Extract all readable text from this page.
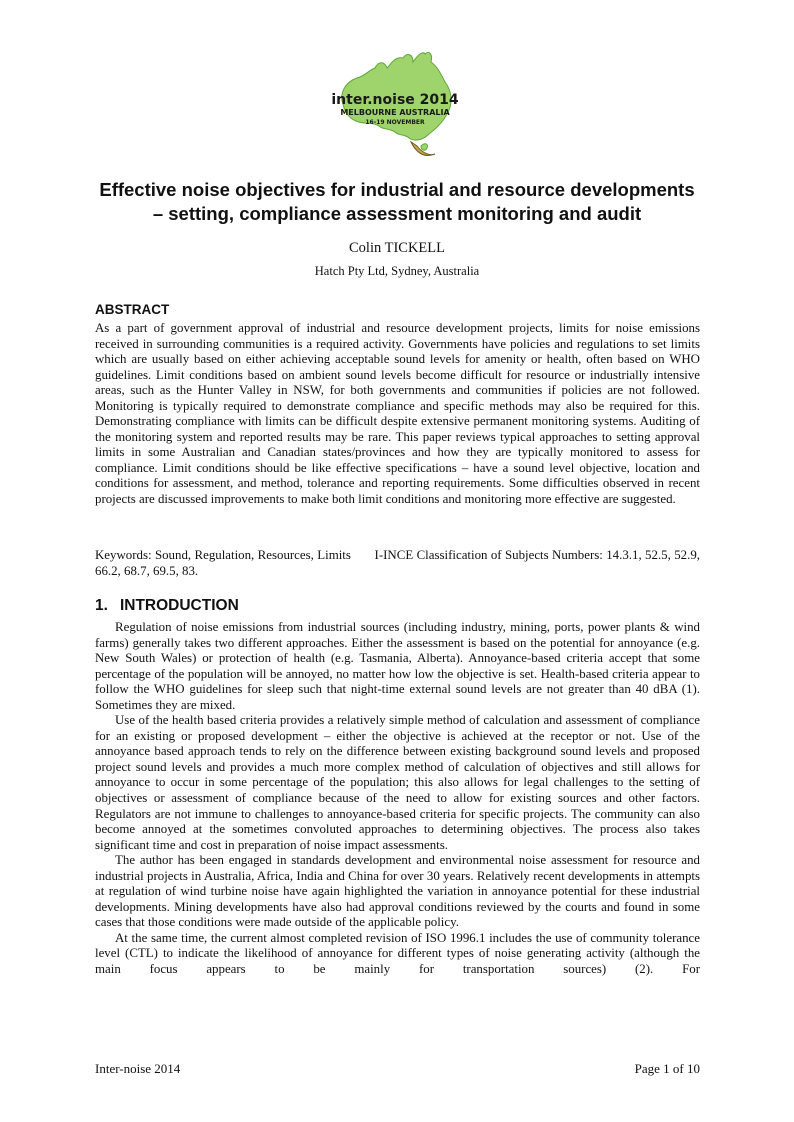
inter.noise 2014
MELBOURNE AUSTRALIA
16-19 NOVEMBER
Effective noise objectives for industrial and resource developments
– setting, compliance assessment monitoring and audit
Colin TICKELL
Hatch Pty Ltd, Sydney, Australia
ABSTRACT

As a part of government approval of industrial and resource development projects, limits for noise emissions received in surrounding communities is a required activity. Governments have policies and regulations to set limits which are usually based on either achieving acceptable sound levels for amenity or health, often based on WHO guidelines. Limit conditions based on ambient sound levels become difficult for resource or industrially intensive areas, such as the Hunter Valley in NSW, for both governments and communities if policies are not followed. Monitoring is typically required to demonstrate compliance and specific methods may also be required for this. Demonstrating compliance with limits can be difficult despite extensive permanent monitoring systems. Auditing of the monitoring system and reported results may be rare. This paper reviews typical approaches to setting approval limits in some Australian and Canadian states/provinces and how they are typically monitored to assess for compliance. Limit conditions should be like effective specifications – have a sound level objective, location and conditions for assessment, and method, tolerance and reporting requirements. Some difficulties observed in recent projects are discussed improvements to make both limit conditions and monitoring more effective are suggested.

Keywords: Sound, Regulation, Resources, Limits       I-INCE Classification of Subjects Numbers: 14.3.1, 52.5, 52.9, 66.2, 68.7, 69.5, 83.

1. INTRODUCTION

Regulation of noise emissions from industrial sources (including industry, mining, ports, power plants & wind farms) generally takes two different approaches. Either the assessment is based on the potential for annoyance (e.g. New South Wales) or protection of health (e.g. Tasmania, Alberta). Annoyance-based criteria accept that some percentage of the population will be annoyed, no matter how low the objective is set. Health-based criteria appear to follow the WHO guidelines for sleep such that night-time external sound levels are not greater than 40 dBA (1). Sometimes they are mixed.

Use of the health based criteria provides a relatively simple method of calculation and assessment of compliance for an existing or proposed development – either the objective is achieved at the receptor or not. Use of the annoyance based approach tends to rely on the difference between existing background sound levels and proposed project sound levels and provides a much more complex method of calculation of objectives and still allows for annoyance to occur in some percentage of the population; this also allows for legal challenges to the setting of objectives or assessment of compliance because of the need to allow for existing sources and other factors. Regulators are not immune to challenges to annoyance-based criteria for specific projects. The community can also become annoyed at the sometimes convoluted approaches to determining objectives. The process also takes significant time and cost in preparation of noise impact assessments.

The author has been engaged in standards development and environmental noise assessment for resource and industrial projects in Australia, Africa, India and China for over 30 years. Relatively recent developments in attempts at regulation of wind turbine noise have again highlighted the variation in annoyance potential for these industrial developments. Mining developments have also had approval conditions reviewed by the courts and found in some cases that those conditions were made outside of the applicable policy.

At the same time, the current almost completed revision of ISO 1996.1 includes the use of community tolerance level (CTL) to indicate the likelihood of annoyance for different types of noise generating activity (although the main focus appears to be mainly for transportation sources) (2). For

Inter-noise 2014	Page 1 of 10
